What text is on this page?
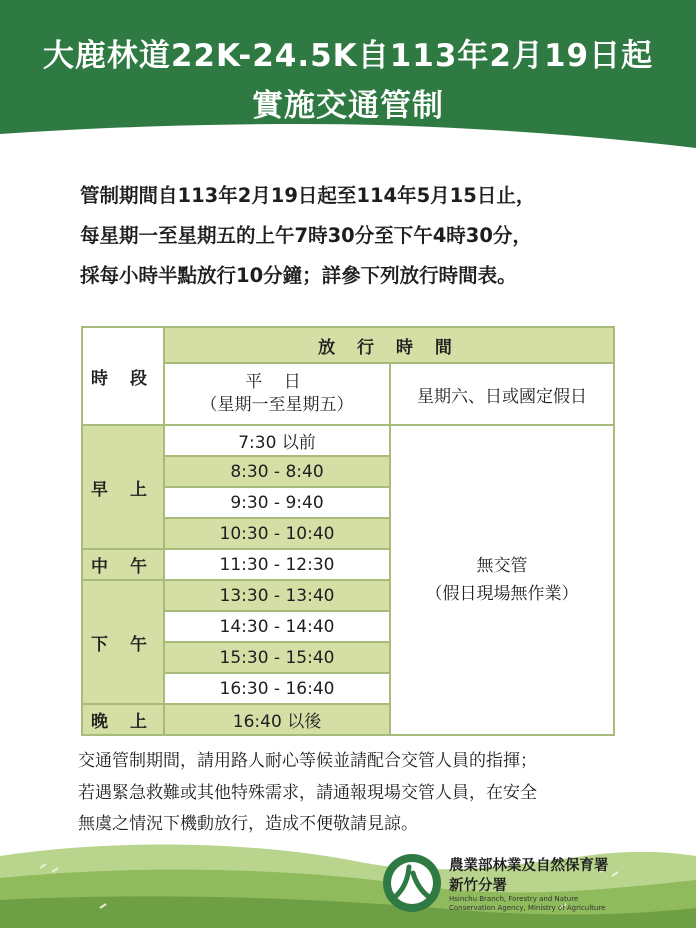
大鹿林道22K-24.5K自113年2月19日起
實施交通管制
管制期間自113年2月19日起至114年5月15日止，
每星期一至星期五的上午7時30分至下午4時30分，
採每小時半點放行10分鐘；詳參下列放行時間表。
時 段
放 行 時 間
平 日
（星期一至星期五）	星期六、日或國定假日
早 上
中 午
下 午
晚 上
7:30 以前
8:30 - 8:40
9:30 - 9:40
10:30 - 10:40
11:30 - 12:30
13:30 - 13:40
14:30 - 14:40
15:30 - 15:40
16:30 - 16:40
16:40 以後
無交管
（假日現場無作業）
交通管制期間，請用路人耐心等候並請配合交管人員的指揮；
若遇緊急救難或其他特殊需求，請通報現場交管人員，在安全
無虞之情況下機動放行，造成不便敬請見諒。
農業部林業及自然保育署
新竹分署
Hsinchu Branch, Forestry and Nature
Conservation Agency, Ministry of Agriculture
